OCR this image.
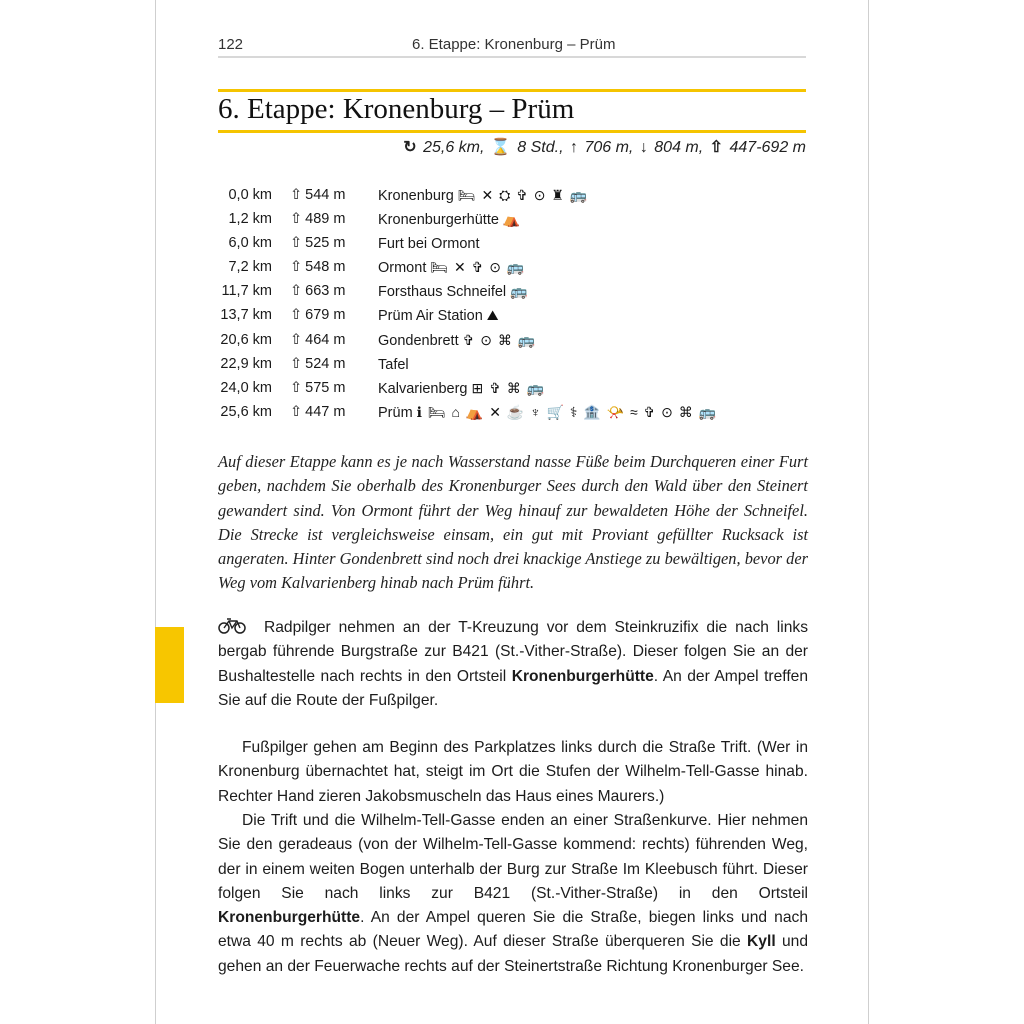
122	6. Etappe: Kronenburg – Prüm
6. Etappe: Kronenburg – Prüm
↻ 25,6 km, ⌛ 8 Std., ↑ 706 m, ↓ 804 m, ⇧ 447-692 m
0,0 km ⇧ 544 m Kronenburg 🛏 ✕ ⛭ ✞ ⊙ ♜ 🚌
1,2 km ⇧ 489 m Kronenburgerhütte ⛺
6,0 km ⇧ 525 m Furt bei Ormont
7,2 km ⇧ 548 m Ormont 🛏 ✕ ✞ ⊙ 🚌
11,7 km ⇧ 663 m Forsthaus Schneifel 🚌
13,7 km ⇧ 679 m Prüm Air Station ⛰
20,6 km ⇧ 464 m Gondenbrett ✞ ⊙ ⌘ 🚌
22,9 km ⇧ 524 m Tafel
24,0 km ⇧ 575 m Kalvarienberg ⊞ ✞ ⌘ 🚌
25,6 km ⇧ 447 m Prüm ℹ 🛏 ⌂ ⛺ ✕ ☕ ♆ 🛒 ⚕ 🏦 📯 ≈ ✞ ⊙ ⌘ 🚌
Auf dieser Etappe kann es je nach Wasserstand nasse Füße beim Durchqueren einer Furt geben, nachdem Sie oberhalb des Kronenburger Sees durch den Wald über den Steinert gewandert sind. Von Ormont führt der Weg hinauf zur bewaldeten Höhe der Schneifel. Die Strecke ist vergleichsweise einsam, ein gut mit Proviant gefüllter Rucksack ist angeraten. Hinter Gondenbrett sind noch drei knackige Anstiege zu bewältigen, bevor der Weg vom Kalvarienberg hinab nach Prüm führt.
Radpilger nehmen an der T-Kreuzung vor dem Steinkruzifix die nach links bergab führende Burgstraße zur B421 (St.-Vither-Straße). Dieser folgen Sie an der Bushaltestelle nach rechts in den Ortsteil Kronenburgerhütte. An der Ampel treffen Sie auf die Route der Fußpilger.
Fußpilger gehen am Beginn des Parkplatzes links durch die Straße Trift. (Wer in Kronenburg übernachtet hat, steigt im Ort die Stufen der Wilhelm-Tell-Gasse hinab. Rechter Hand zieren Jakobsmuscheln das Haus eines Maurers.)
Die Trift und die Wilhelm-Tell-Gasse enden an einer Straßenkurve. Hier nehmen Sie den geradeaus (von der Wilhelm-Tell-Gasse kommend: rechts) führenden Weg, der in einem weiten Bogen unterhalb der Burg zur Straße Im Kleebusch führt. Dieser folgen Sie nach links zur B421 (St.-Vither-Straße) in den Ortsteil Kronenburgerhütte. An der Ampel queren Sie die Straße, biegen links und nach etwa 40 m rechts ab (Neuer Weg). Auf dieser Straße überqueren Sie die Kyll und gehen an der Feuerwache rechts auf der Steinertstraße Richtung Kronenburger See.
